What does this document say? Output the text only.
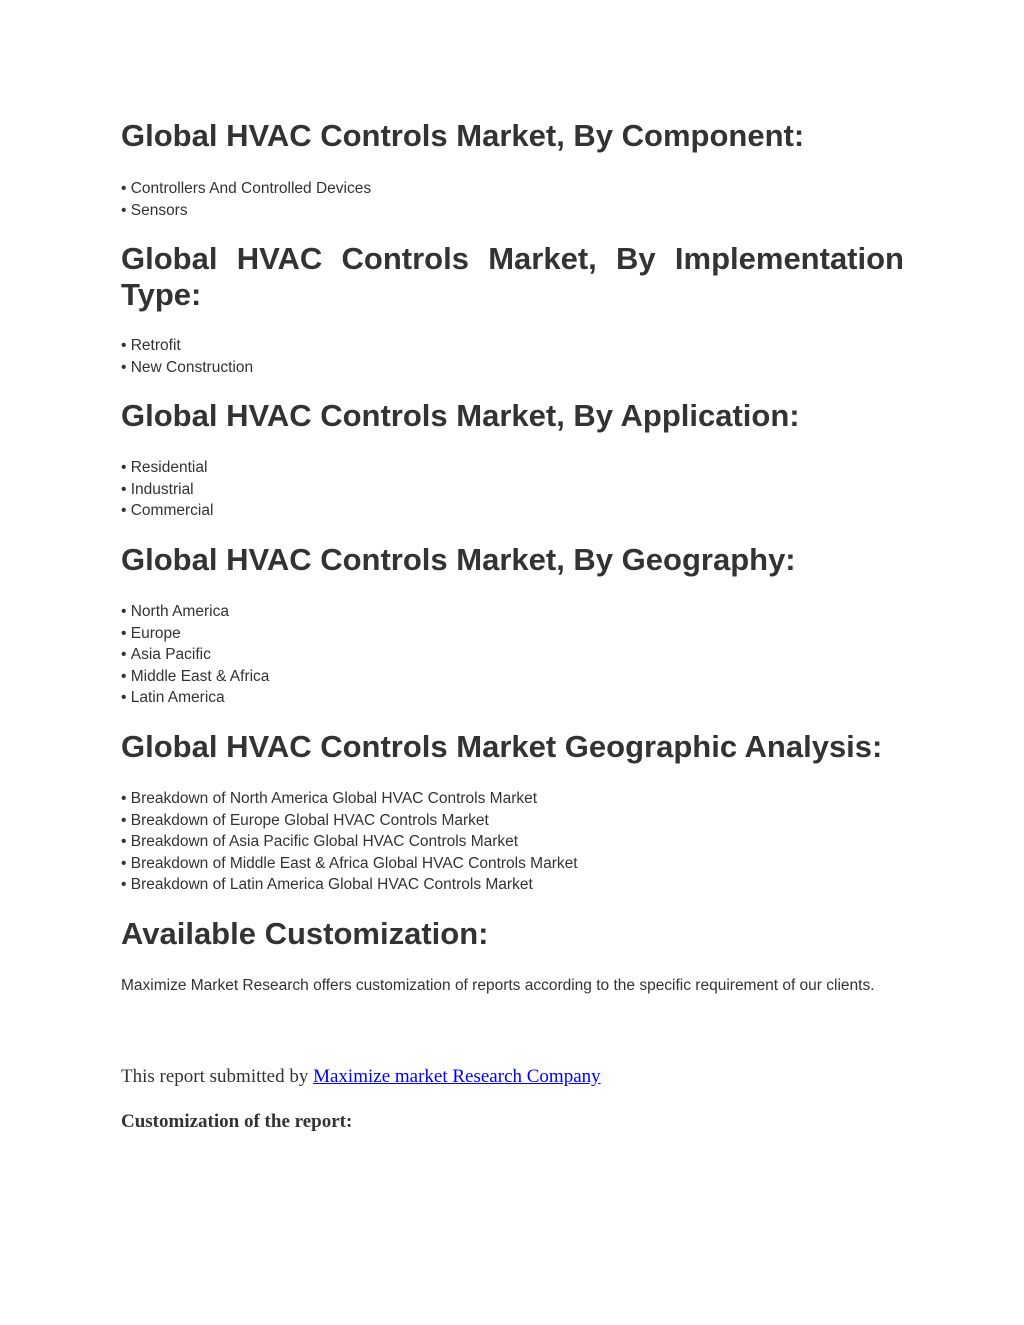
Global HVAC Controls Market, By Component:
• Controllers And Controlled Devices
• Sensors
Global HVAC Controls Market, By Implementation Type:
• Retrofit
• New Construction
Global HVAC Controls Market, By Application:
• Residential
• Industrial
• Commercial
Global HVAC Controls Market, By Geography:
• North America
• Europe
• Asia Pacific
• Middle East & Africa
• Latin America
Global HVAC Controls Market Geographic Analysis:
• Breakdown of North America Global HVAC Controls Market
• Breakdown of Europe Global HVAC Controls Market
• Breakdown of Asia Pacific Global HVAC Controls Market
• Breakdown of Middle East & Africa Global HVAC Controls Market
• Breakdown of Latin America Global HVAC Controls Market
Available Customization:

Maximize Market Research offers customization of reports according to the specific requirement of our clients.

This report submitted by Maximize market Research Company

Customization of the report:
